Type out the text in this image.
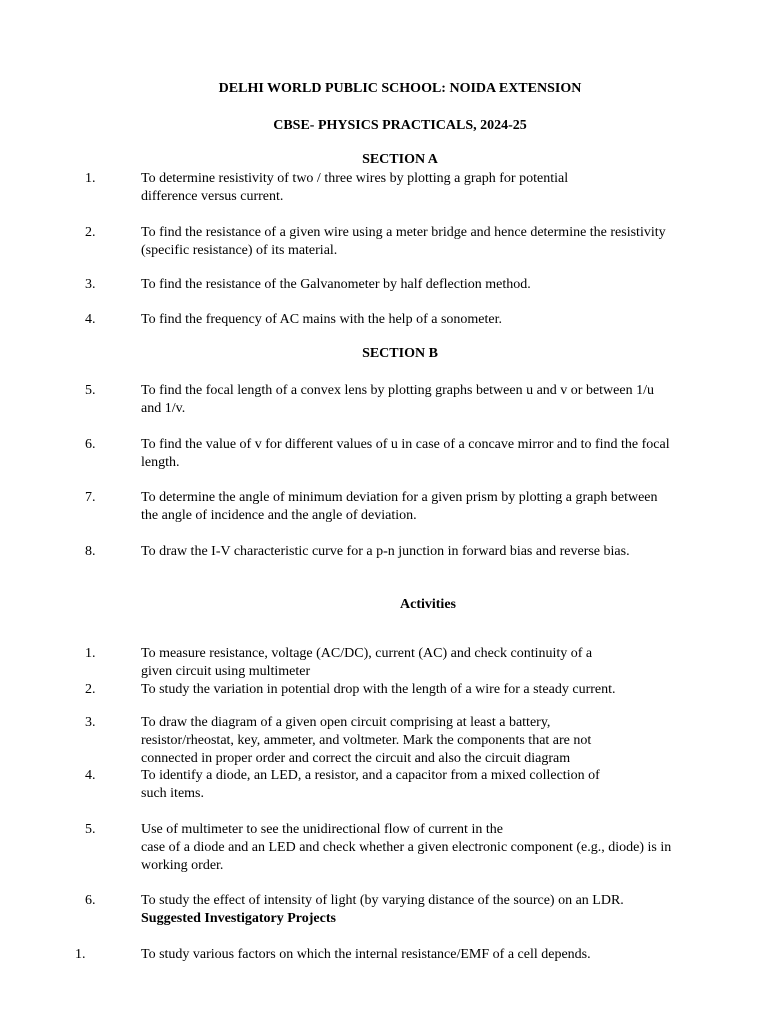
DELHI WORLD PUBLIC SCHOOL: NOIDA EXTENSION
CBSE- PHYSICS PRACTICALS, 2024-25
SECTION A
1.	To determine resistivity of two / three wires by plotting a graph for potential
difference versus current.
2.	To find the resistance of a given wire using a meter bridge and hence determine the resistivity
(specific resistance) of its material.
3.	To find the resistance of the Galvanometer by half deflection method.
4.	To find the frequency of AC mains with the help of a sonometer.
SECTION B
5.	To find the focal length of a convex lens by plotting graphs between u and v or between 1/u
and 1/v.
6.	To find the value of v for different values of u in case of a concave mirror and to find the focal
length.
7.	To determine the angle of minimum deviation for a given prism by plotting a graph between
the angle of incidence and the angle of deviation.
8.	To draw the I-V characteristic curve for a p-n junction in forward bias and reverse bias.
Activities
1.	To measure resistance, voltage (AC/DC), current (AC) and check continuity of a
given circuit using multimeter
2.	To study the variation in potential drop with the length of a wire for a steady current.
3.	To draw the diagram of a given open circuit comprising at least a battery,
resistor/rheostat, key, ammeter, and voltmeter. Mark the components that are not
connected in proper order and correct the circuit and also the circuit diagram
4.	To identify a diode, an LED, a resistor, and a capacitor from a mixed collection of
such items.
5.	Use of multimeter to see the unidirectional flow of current in the
case of a diode and an LED and check whether a given electronic component (e.g., diode) is in
working order.
6.	To study the effect of intensity of light (by varying distance of the source) on an LDR.
Suggested Investigatory Projects
1.	To study various factors on which the internal resistance/EMF of a cell depends.
